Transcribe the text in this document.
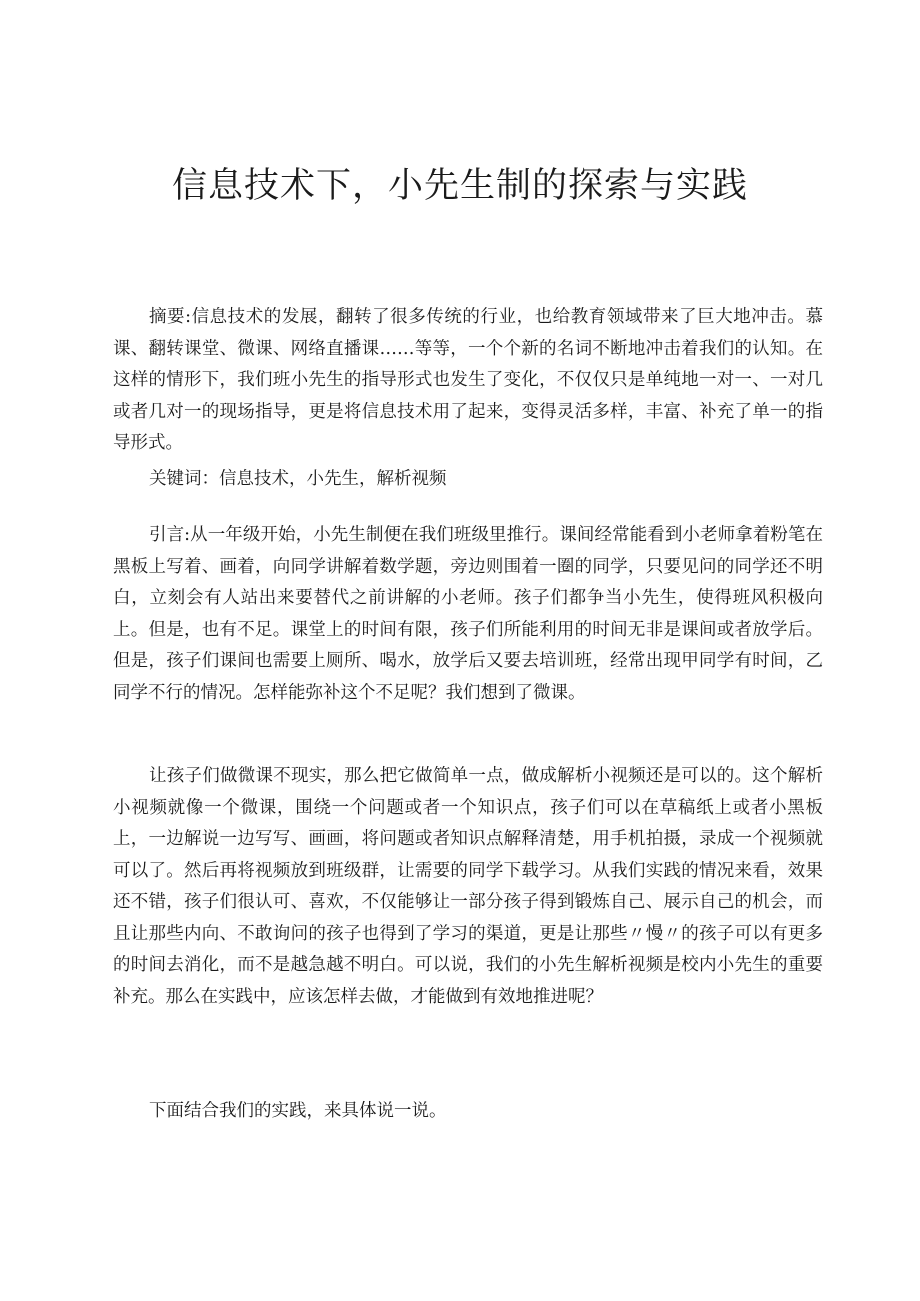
信息技术下，小先生制的探索与实践

摘要:信息技术的发展，翻转了很多传统的行业，也给教育领域带来了巨大地冲击。慕课、翻转课堂、微课、网络直播课……等等，一个个新的名词不断地冲击着我们的认知。在这样的情形下，我们班小先生的指导形式也发生了变化，不仅仅只是单纯地一对一、一对几或者几对一的现场指导，更是将信息技术用了起来，变得灵活多样，丰富、补充了单一的指导形式。

关键词：信息技术，小先生，解析视频

引言:从一年级开始，小先生制便在我们班级里推行。课间经常能看到小老师拿着粉笔在黑板上写着、画着，向同学讲解着数学题，旁边则围着一圈的同学，只要见问的同学还不明白，立刻会有人站出来要替代之前讲解的小老师。孩子们都争当小先生，使得班风积极向上。但是，也有不足。课堂上的时间有限，孩子们所能利用的时间无非是课间或者放学后。但是，孩子们课间也需要上厕所、喝水，放学后又要去培训班，经常出现甲同学有时间，乙同学不行的情况。怎样能弥补这个不足呢？我们想到了微课。

让孩子们做微课不现实，那么把它做简单一点，做成解析小视频还是可以的。这个解析小视频就像一个微课，围绕一个问题或者一个知识点，孩子们可以在草稿纸上或者小黑板上，一边解说一边写写、画画，将问题或者知识点解释清楚，用手机拍摄，录成一个视频就可以了。然后再将视频放到班级群，让需要的同学下载学习。从我们实践的情况来看，效果还不错，孩子们很认可、喜欢，不仅能够让一部分孩子得到锻炼自己、展示自己的机会，而且让那些内向、不敢询问的孩子也得到了学习的渠道，更是让那些〃慢〃的孩子可以有更多的时间去消化，而不是越急越不明白。可以说，我们的小先生解析视频是校内小先生的重要补充。那么在实践中，应该怎样去做，才能做到有效地推进呢？

下面结合我们的实践，来具体说一说。
